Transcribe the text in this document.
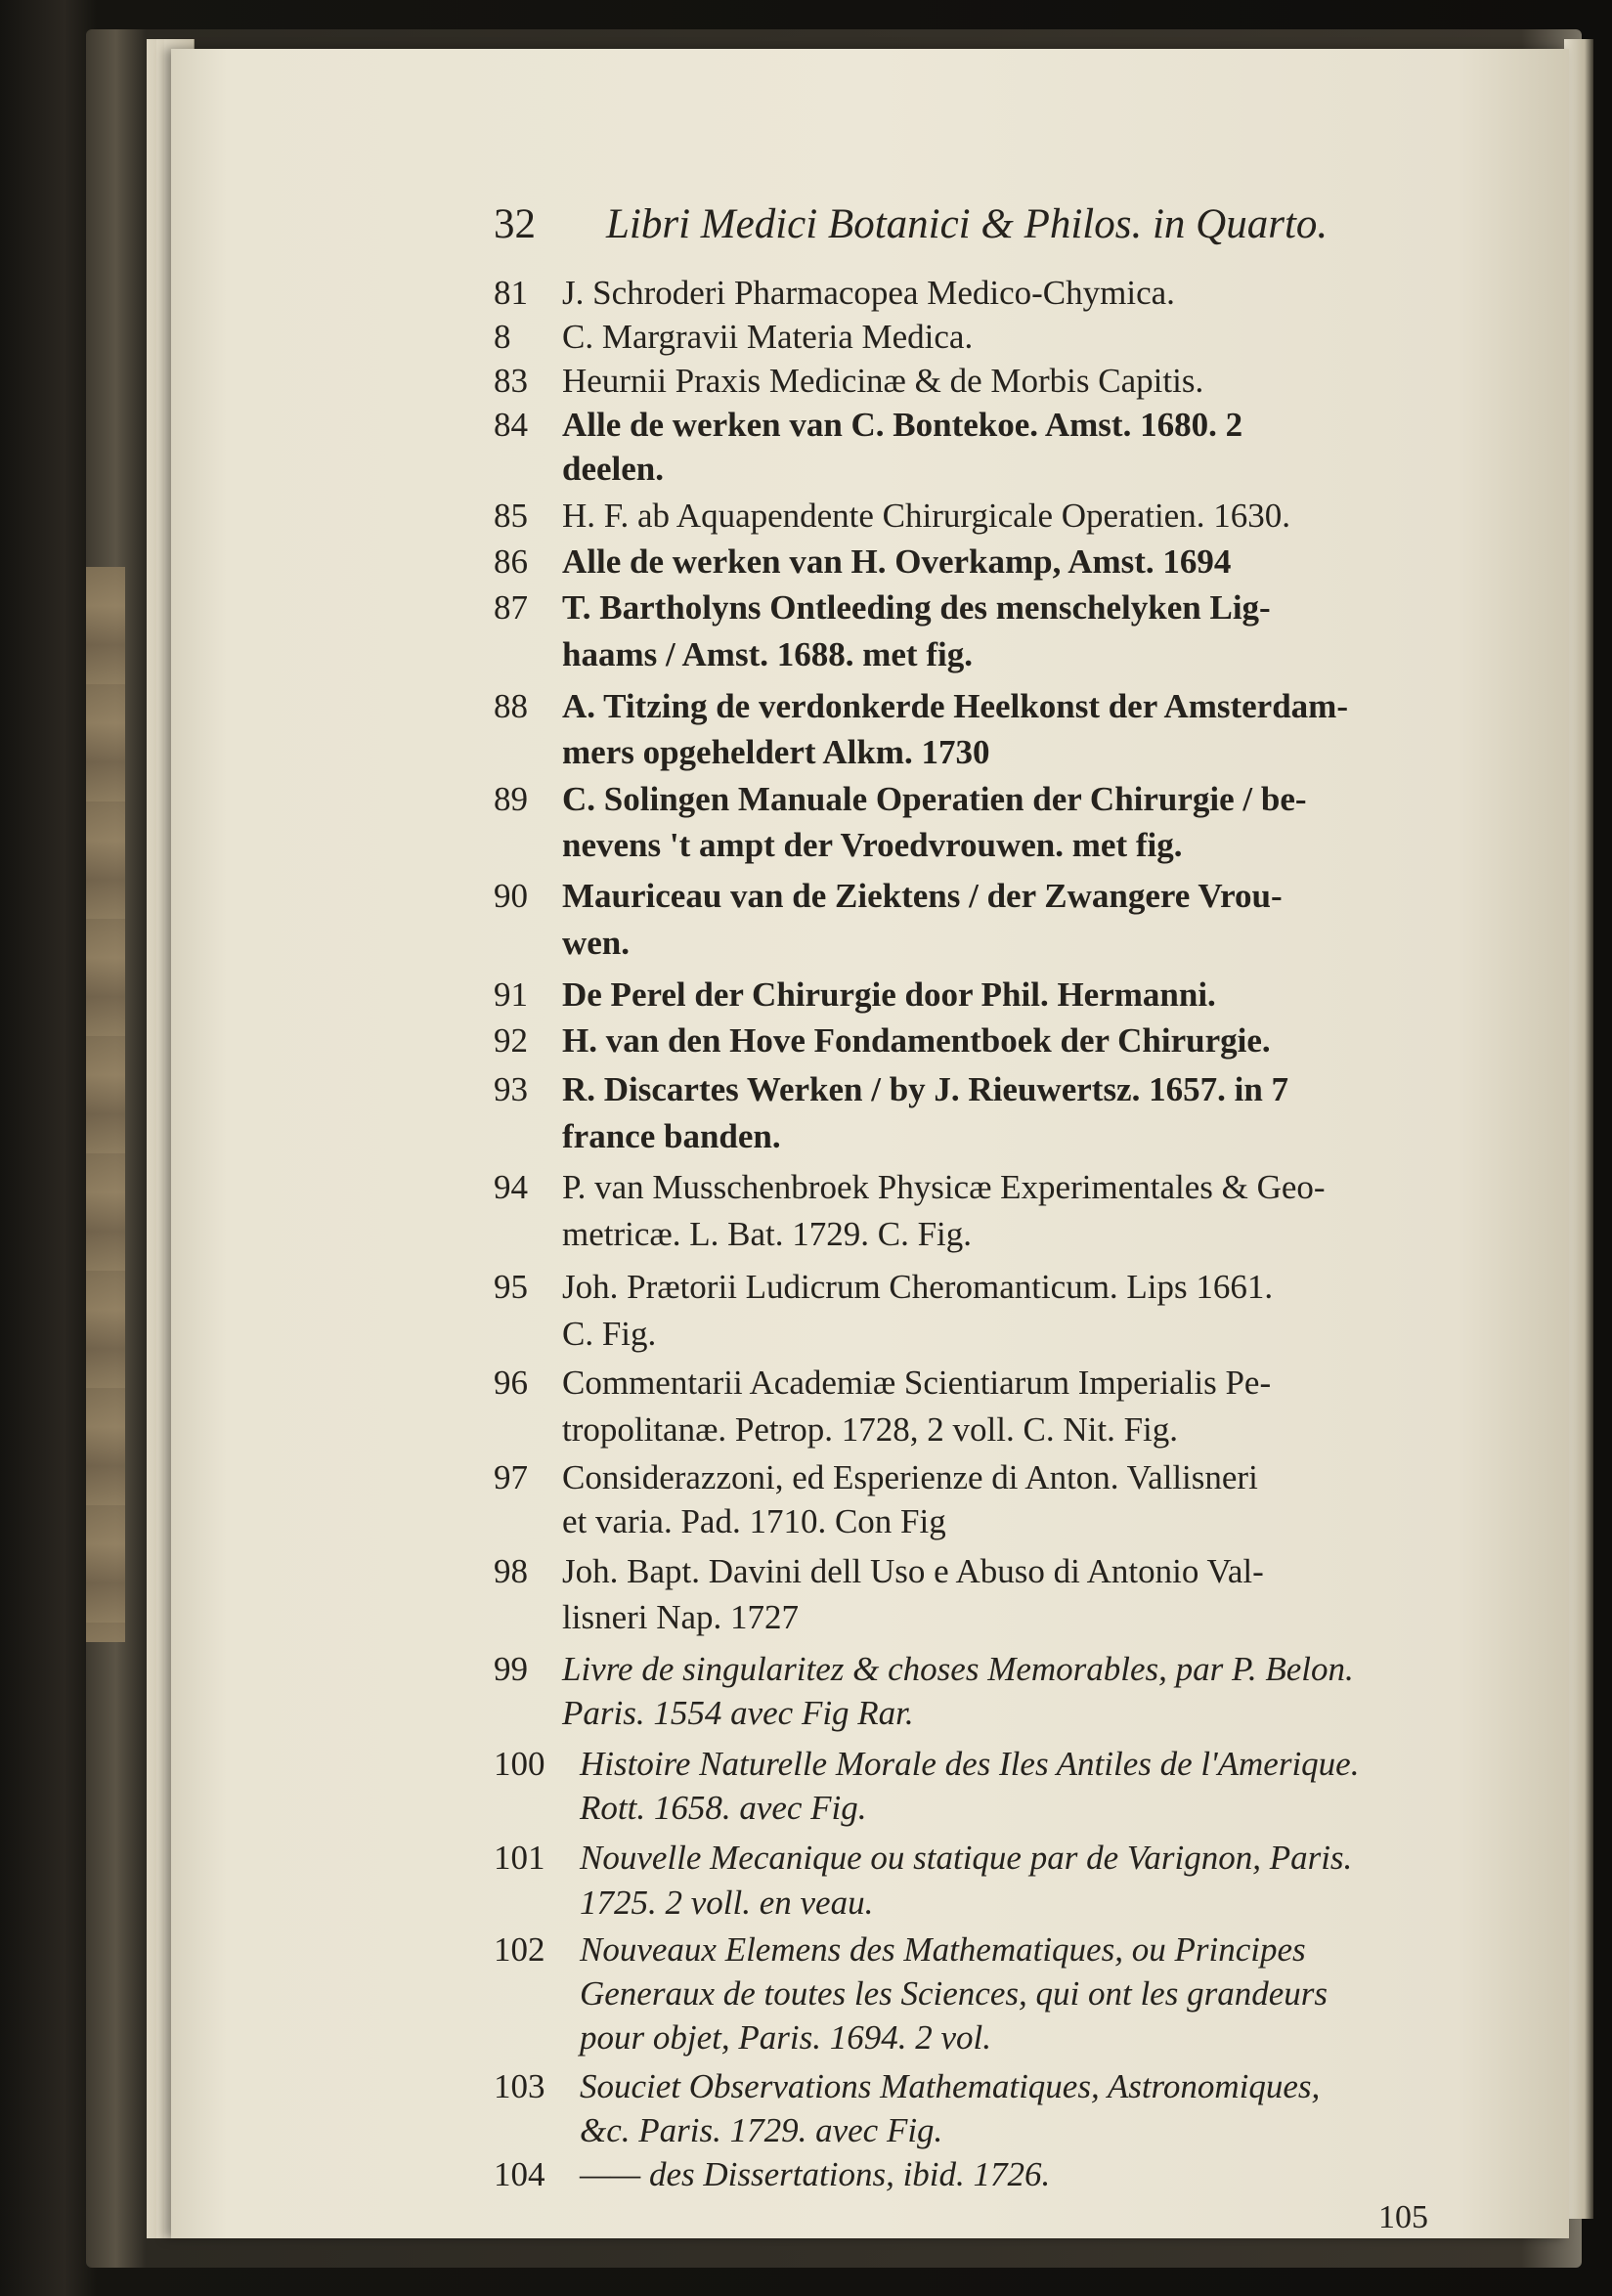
32 Libri Medici Botanici & Philos. in Quarto.
81	J. Schroderi Pharmacopea Medico-Chymica.
8	C. Margravii Materia Medica.
83	Heurnii Praxis Medicinæ & de Morbis Capitis.
84	Alle de werken van C. Bontekoe. Amst. 1680. 2
deelen.
85	H. F. ab Aquapendente Chirurgicale Operatien. 1630.
86	Alle de werken van H. Overkamp, Amst. 1694
87	T. Bartholyns Ontleeding des menschelyken Lig-
haams / Amst. 1688. met fig.
88	A. Titzing de verdonkerde Heelkonst der Amsterdam-
mers opgeheldert Alkm. 1730
89	C. Solingen Manuale Operatien der Chirurgie / be-
nevens 't ampt der Vroedvrouwen. met fig.
90	Mauriceau van de Ziektens / der Zwangere Vrou-
wen.
91	De Perel der Chirurgie door Phil. Hermanni.
92	H. van den Hove Fondamentboek der Chirurgie.
93	R. Discartes Werken / by J. Rieuwertsz. 1657. in 7
france banden.
94	P. van Musschenbroek Physicæ Experimentales & Geo-
metricæ. L. Bat. 1729. C. Fig.
95	Joh. Prætorii Ludicrum Cheromanticum. Lips 1661.
C. Fig.
96	Commentarii Academiæ Scientiarum Imperialis Pe-
tropolitanæ. Petrop. 1728, 2 voll. C. Nit. Fig.
97	Considerazzoni, ed Esperienze di Anton. Vallisneri
et varia. Pad. 1710. Con Fig
98	Joh. Bapt. Davini dell Uso e Abuso di Antonio Val-
lisneri Nap. 1727
99	Livre de singularitez & choses Memorables, par P. Belon.
Paris. 1554 avec Fig Rar.
100	Histoire Naturelle Morale des Iles Antiles de l'Amerique.
Rott. 1658. avec Fig.
101	Nouvelle Mecanique ou statique par de Varignon, Paris.
1725. 2 voll. en veau.
102	Nouveaux Elemens des Mathematiques, ou Principes
Generaux de toutes les Sciences, qui ont les grandeurs
pour objet, Paris. 1694. 2 vol.
103	Souciet Observations Mathematiques, Astronomiques,
&c. Paris. 1729. avec Fig.
104	—— des Dissertations, ibid. 1726.
105
